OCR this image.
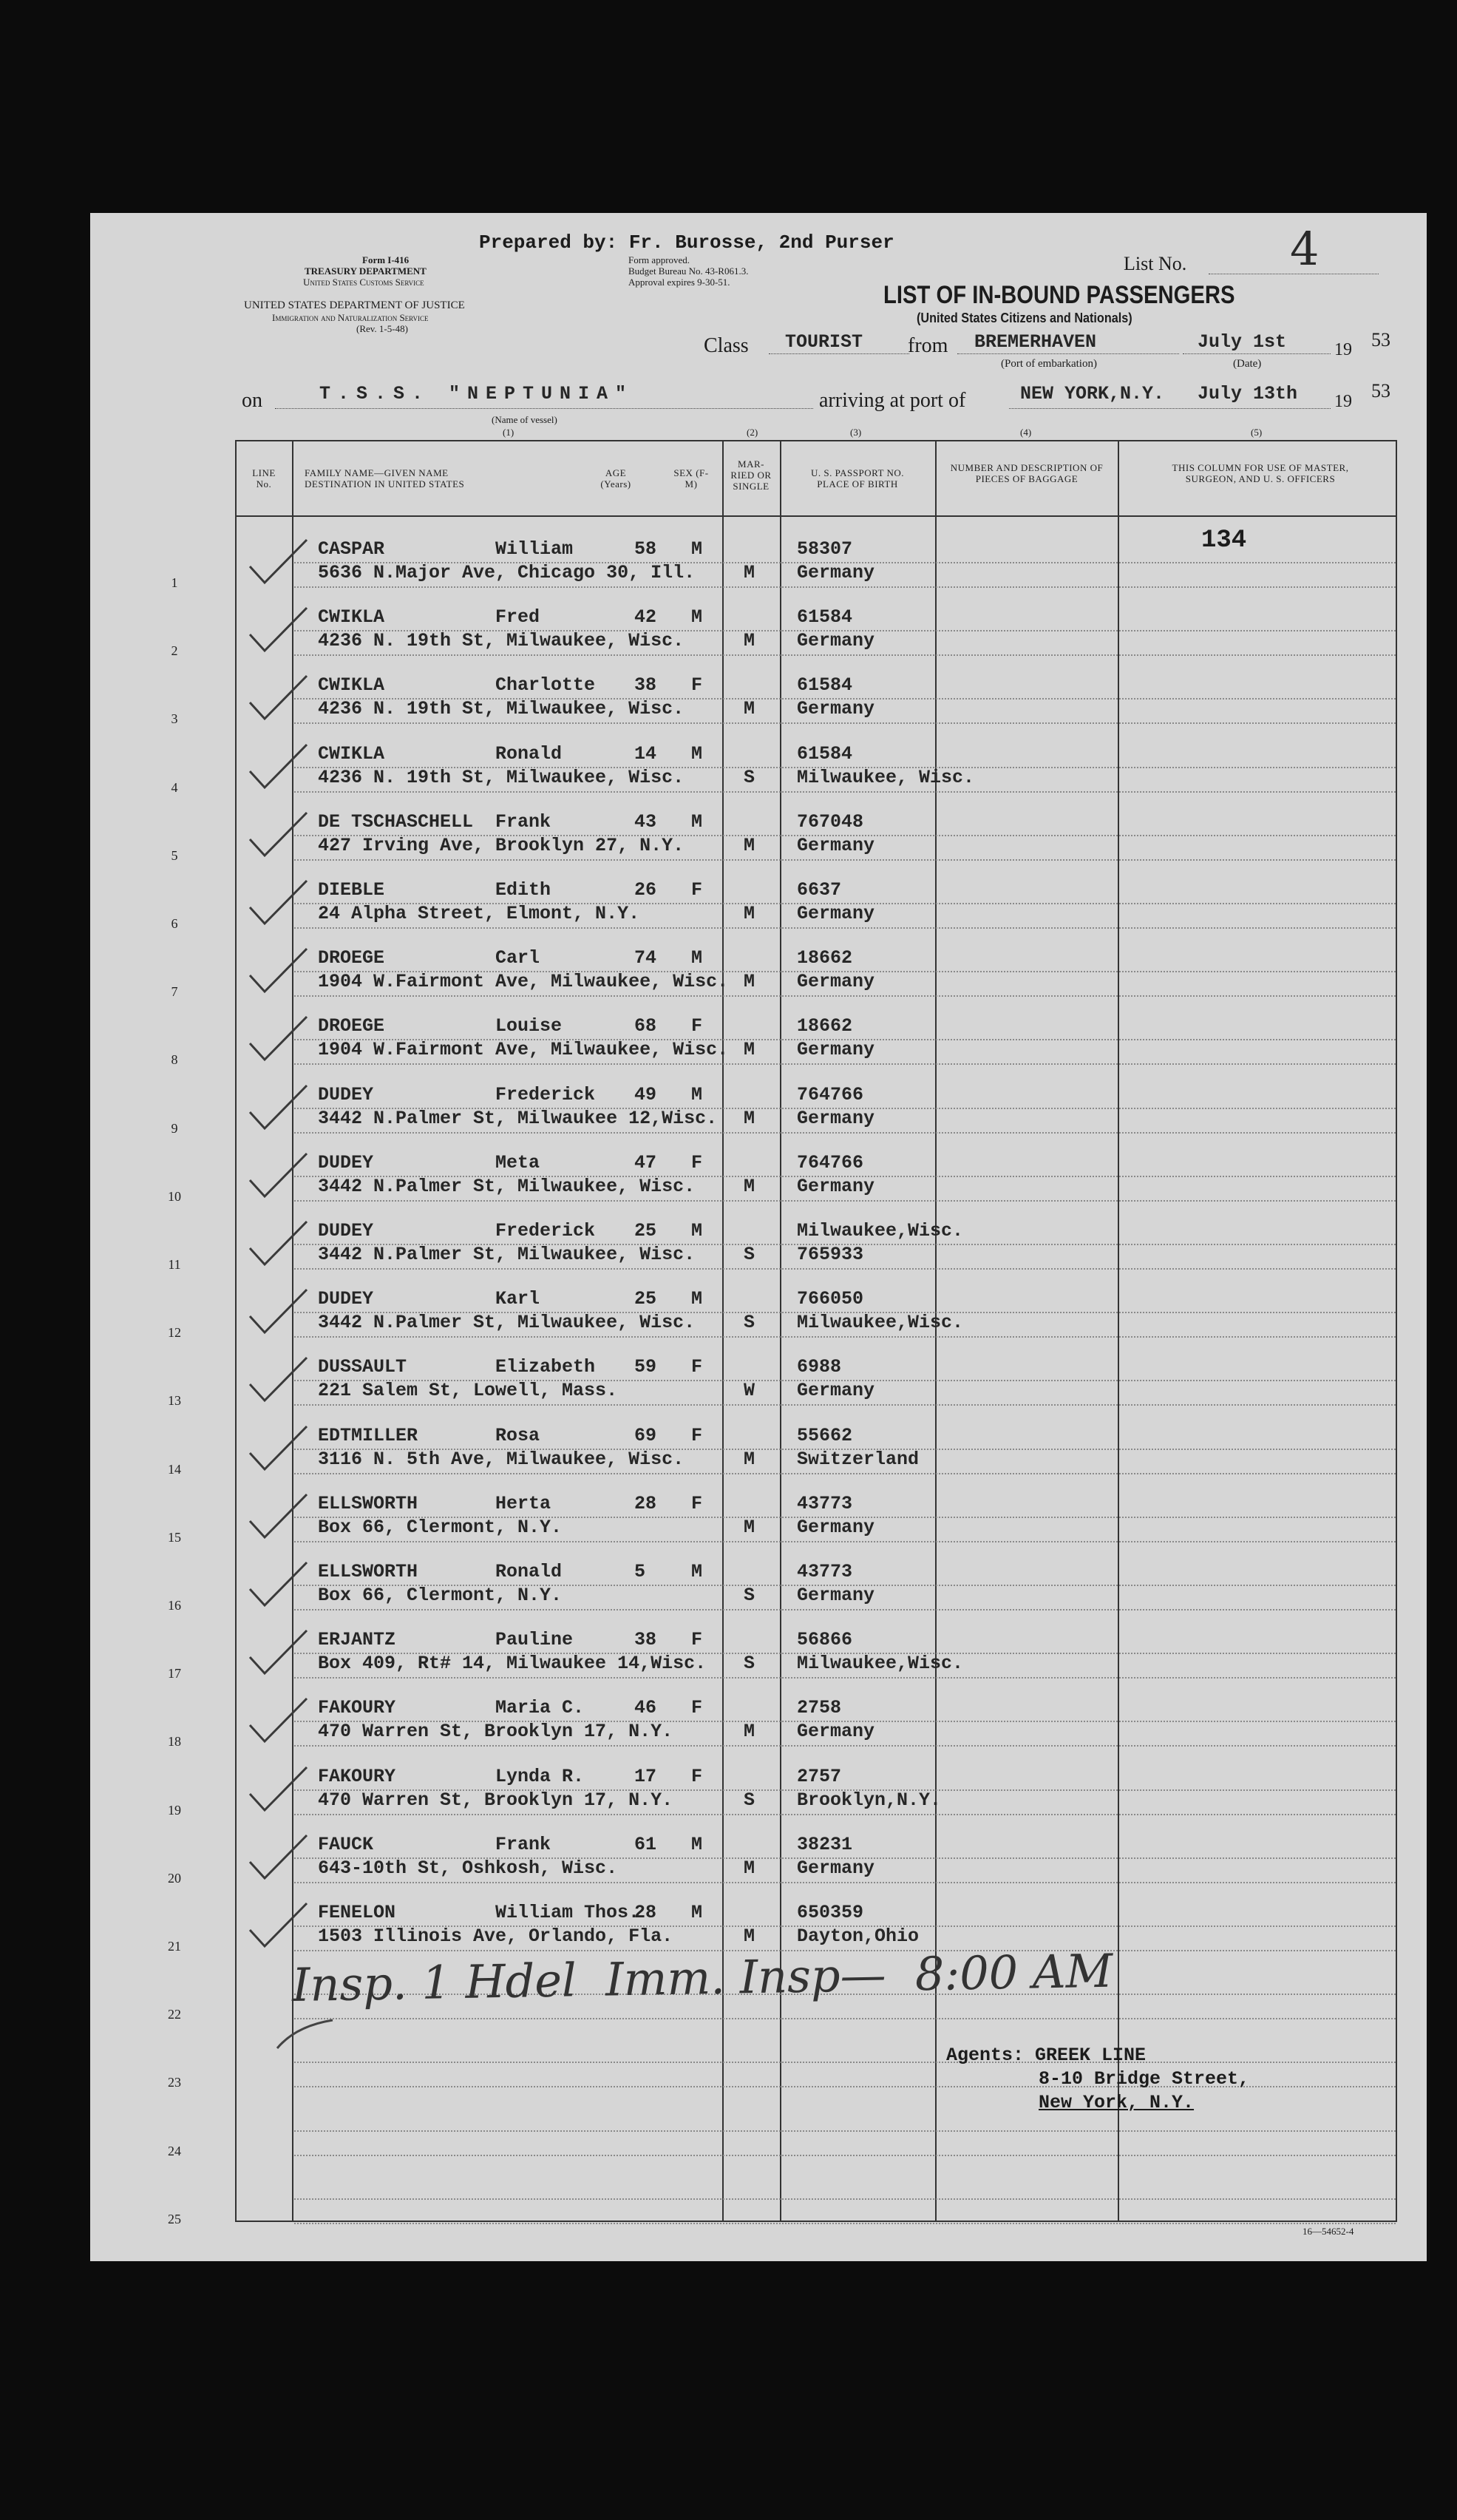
Prepared by: Fr. Burosse, 2nd Purser
Form I-416
TREASURY DEPARTMENT
United States Customs Service
Form approved.
Budget Bureau No. 43-R061.3.
Approval expires 9-30-51.
UNITED STATES DEPARTMENT OF JUSTICE
Immigration and Naturalization Service
(Rev. 1-5-48)
List No. 4
LIST OF IN-BOUND PASSENGERS
(United States Citizens and Nationals)
Class TOURIST from BREMERHAVEN	July 1st	19 53
(Port of embarkation)	(Date)
on	T.S.S. "NEPTUNIA"
(Name of vessel)
arriving at port of	NEW YORK,N.Y. July 13th 19 53
(1)	(2)	(3)	(4)	(5)
LINE No.
FAMILY NAME—GIVEN NAME
DESTINATION IN UNITED STATES
AGE (Years)
SEX (F-M)
MAR- RIED OR SINGLE
U. S. PASSPORT NO. PLACE OF BIRTH
NUMBER AND DESCRIPTION OF PIECES OF BAGGAGE
THIS COLUMN FOR USE OF MASTER, SURGEON, AND U. S. OFFICERS
134
1
CASPAR	William	58 M
5636 N.Major Ave, Chicago 30, Ill.	M
58307
Germany
2
CWIKLA	Fred	42 M
4236 N. 19th St, Milwaukee, Wisc.	M
61584
Germany
3
CWIKLA	Charlotte 38 F
4236 N. 19th St, Milwaukee, Wisc.	M
61584
Germany
4
CWIKLA	Ronald	14 M
4236 N. 19th St, Milwaukee, Wisc.	S
61584
Milwaukee, Wisc.
5
DE TSCHASCHELL Frank	43 M
427 Irving Ave, Brooklyn 27, N.Y.	M
767048
Germany
6
DIEBLE	Edith	26 F
24 Alpha Street, Elmont, N.Y.	M
6637
Germany
7
DROEGE	Carl	74 M
1904 W.Fairmont Ave, Milwaukee, Wisc. M
18662
Germany
8
DROEGE	Louise	68 F
1904 W.Fairmont Ave, Milwaukee, Wisc. M
18662
Germany
9
DUDEY	Frederick 49 M
3442 N.Palmer St, Milwaukee 12,Wisc. M
764766
Germany
10
DUDEY	Meta	47 F
3442 N.Palmer St, Milwaukee, Wisc.	M
764766
Germany
11
DUDEY	Frederick 25 M
3442 N.Palmer St, Milwaukee, Wisc.	S
Milwaukee,Wisc.
765933
12
DUDEY	Karl	25 M
3442 N.Palmer St, Milwaukee, Wisc.	S
766050
Milwaukee,Wisc.
13
DUSSAULT	Elizabeth 59 F
221 Salem St, Lowell, Mass.	W
6988
Germany
14
EDTMILLER	Rosa	69 F
3116 N. 5th Ave, Milwaukee, Wisc.	M
55662
Switzerland
15
ELLSWORTH	Herta	28 F
Box 66, Clermont, N.Y.	M
43773
Germany
16
ELLSWORTH	Ronald	5 M
Box 66, Clermont, N.Y.	S
43773
Germany
17
ERJANTZ	Pauline	38 F
Box 409, Rt# 14, Milwaukee 14,Wisc. S
56866
Milwaukee,Wisc.
18
FAKOURY	Maria C.	46 F
470 Warren St, Brooklyn 17, N.Y.	M
2758
Germany
19
FAKOURY	Lynda R.	17 F
470 Warren St, Brooklyn 17, N.Y.	S
2757
Brooklyn,N.Y.
20
FAUCK	Frank	61 M
643-10th St, Oshkosh, Wisc.	M
38231
Germany
21
FENELON	William Thos.
28 M
1503 Illinois Ave, Orlando, Fla.	M
650359
Dayton,Ohio
22
23
24
25
Insp. 1 Hdel  Imm. Insp—  8:00 AM
Agents: GREEK LINE
8-10 Bridge Street,
New York, N.Y.
16—54652-4
